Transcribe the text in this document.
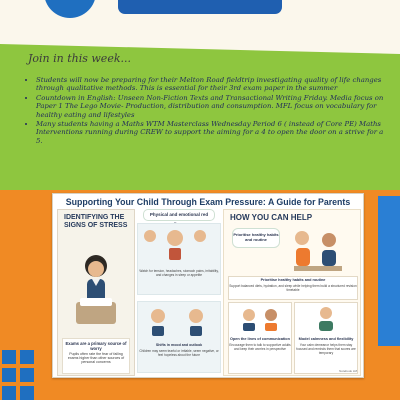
Join in this week...

• Students will now be preparing for their Melton Road fieldtrip investigating quality of life changes through qualitative methods. This is essential for their 3rd exam paper in the summer
• Countdown in English: Unseen Non-Fiction Texts and Transactional Writing Friday. Media focus on Paper 1 The Lego Movie- Production, distribution and consumption. MFL focus on vocabulary for healthy eating and lifestyles
• Many students having a Maths WTM Masterclass Wednesday Period 6 ( instead of Core PE) Maths Interventions running during CREW to support the aiming for a 4 to open the door on a strive for a 5.
Supporting Your Child Through Exam Pressure: A Guide for Parents
IDENTIFYING THE SIGNS OF STRESS
Exams are a primary source of worry
Pupils often rate the fear of failing exams higher than other sources of personal concerns
Physical and emotional red
Watch for tension, headaches, stomach pains, irritability, and changes in sleep or appetite
Shifts in mood and outlook
Children may seem tearful or irritable, seem negative, or feel hopeless about the future
HOW YOU CAN HELP
Prioritise healthy habits and routine
Prioritise healthy habits and routine
Support balanced diets, hydration, and sleep while helping them build a structured revision timetable
Open the lines of communication
Encourage them to talk to supportive adults and keep their worries in perspective
Model calmness and flexibility
Your calm demeanor helps them stay focused and reminds them that scores are temporary
Notebook LM
